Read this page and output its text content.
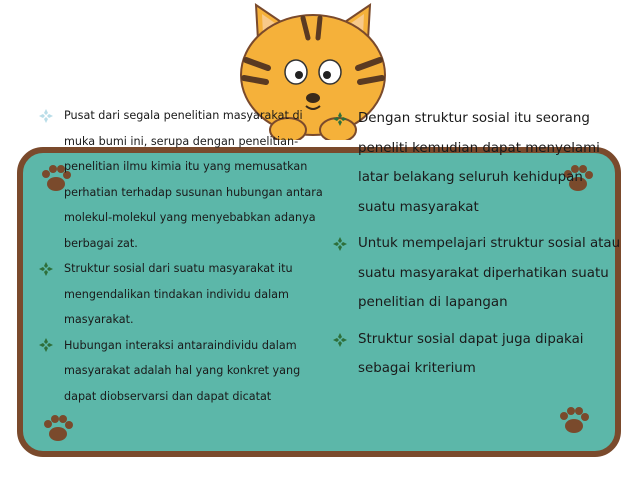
Pusat dari segala penelitian masyarakat di muka bumi ini, serupa dengan penelitian-penelitian ilmu kimia itu yang memusatkan perhatian terhadap susunan hubungan antara molekul-molekul yang menyebabkan adanya berbagai zat.
Struktur sosial dari suatu masyarakat itu mengendalikan tindakan individu dalam masyarakat.
Hubungan interaksi antaraindividu dalam masyarakat adalah hal yang konkret yang dapat diobservarsi dan dapat dicatat
Dengan struktur sosial itu seorang peneliti kemudian dapat menyelami latar belakang seluruh kehidupan suatu masyarakat
Untuk mempelajari struktur sosial atau suatu masyarakat diperhatikan suatu penelitian di lapangan
Struktur sosial dapat juga dipakai sebagai kriterium
